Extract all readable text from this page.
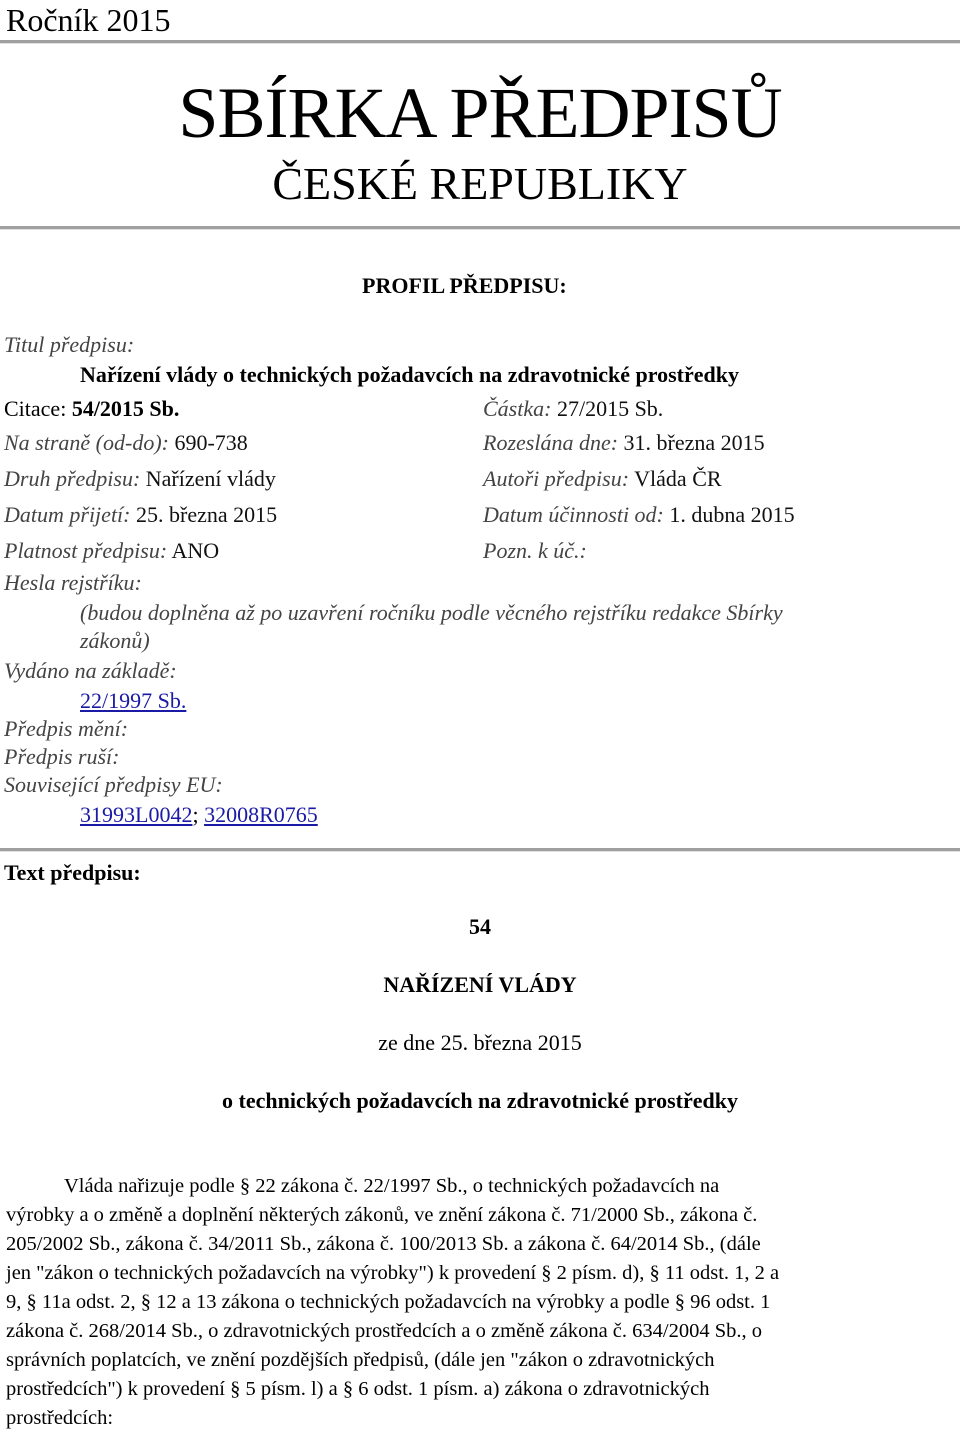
Ročník 2015
SBÍRKA PŘEDPISŮ
ČESKÉ REPUBLIKY
PROFIL PŘEDPISU:
Titul předpisu:
Nařízení vlády o technických požadavcích na zdravotnické prostředky
Citace: 54/2015 Sb.	Částka: 27/2015 Sb.
Na straně (od-do): 690-738	Rozeslána dne: 31. března 2015
Druh předpisu: Nařízení vlády	Autoři předpisu: Vláda ČR
Datum přijetí: 25. března 2015	Datum účinnosti od: 1. dubna 2015
Platnost předpisu: ANO	Pozn. k úč.:
Hesla rejstříku:
(budou doplněna až po uzavření ročníku podle věcného rejstříku redakce Sbírky
zákonů)
Vydáno na základě:
22/1997 Sb.
Předpis mění:
Předpis ruší:
Související předpisy EU:
31993L0042; 32008R0765
Text předpisu:
54
NAŘÍZENÍ VLÁDY
ze dne 25. března 2015
o technických požadavcích na zdravotnické prostředky

Vláda nařizuje podle § 22 zákona č. 22/1997 Sb., o technických požadavcích na

výrobky a o změně a doplnění některých zákonů, ve znění zákona č. 71/2000 Sb., zákona č.

205/2002 Sb., zákona č. 34/2011 Sb., zákona č. 100/2013 Sb. a zákona č. 64/2014 Sb., (dále

jen "zákon o technických požadavcích na výrobky") k provedení § 2 písm. d), § 11 odst. 1, 2 a

9, § 11a odst. 2, § 12 a 13 zákona o technických požadavcích na výrobky a podle § 96 odst. 1

zákona č. 268/2014 Sb., o zdravotnických prostředcích a o změně zákona č. 634/2004 Sb., o

správních poplatcích, ve znění pozdějších předpisů, (dále jen "zákon o zdravotnických

prostředcích") k provedení § 5 písm. l) a § 6 odst. 1 písm. a) zákona o zdravotnických

prostředcích:
